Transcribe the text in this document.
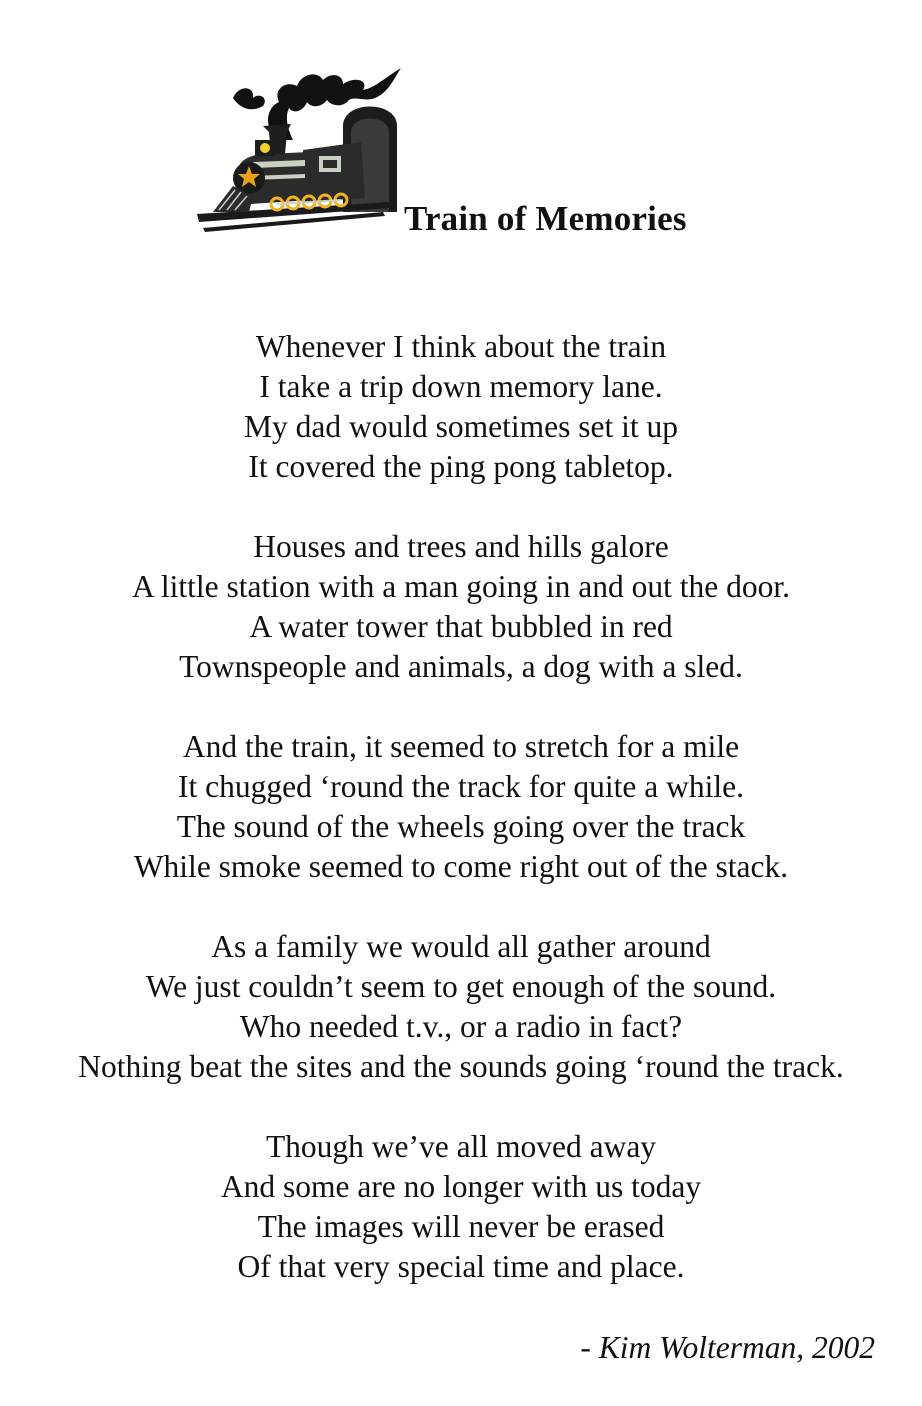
Train of Memories

Whenever I think about the train
I take a trip down memory lane.
My dad would sometimes set it up
It covered the ping pong tabletop.

Houses and trees and hills galore
A little station with a man going in and out the door.
A water tower that bubbled in red
Townspeople and animals, a dog with a sled.

And the train, it seemed to stretch for a mile
It chugged ‘round the track for quite a while.
The sound of the wheels going over the track
While smoke seemed to come right out of the stack.

As a family we would all gather around
We just couldn’t seem to get enough of the sound.
Who needed t.v., or a radio in fact?
Nothing beat the sites and the sounds going ‘round the track.

Though we’ve all moved away
And some are no longer with us today
The images will never be erased
Of that very special time and place.

- Kim Wolterman, 2002
